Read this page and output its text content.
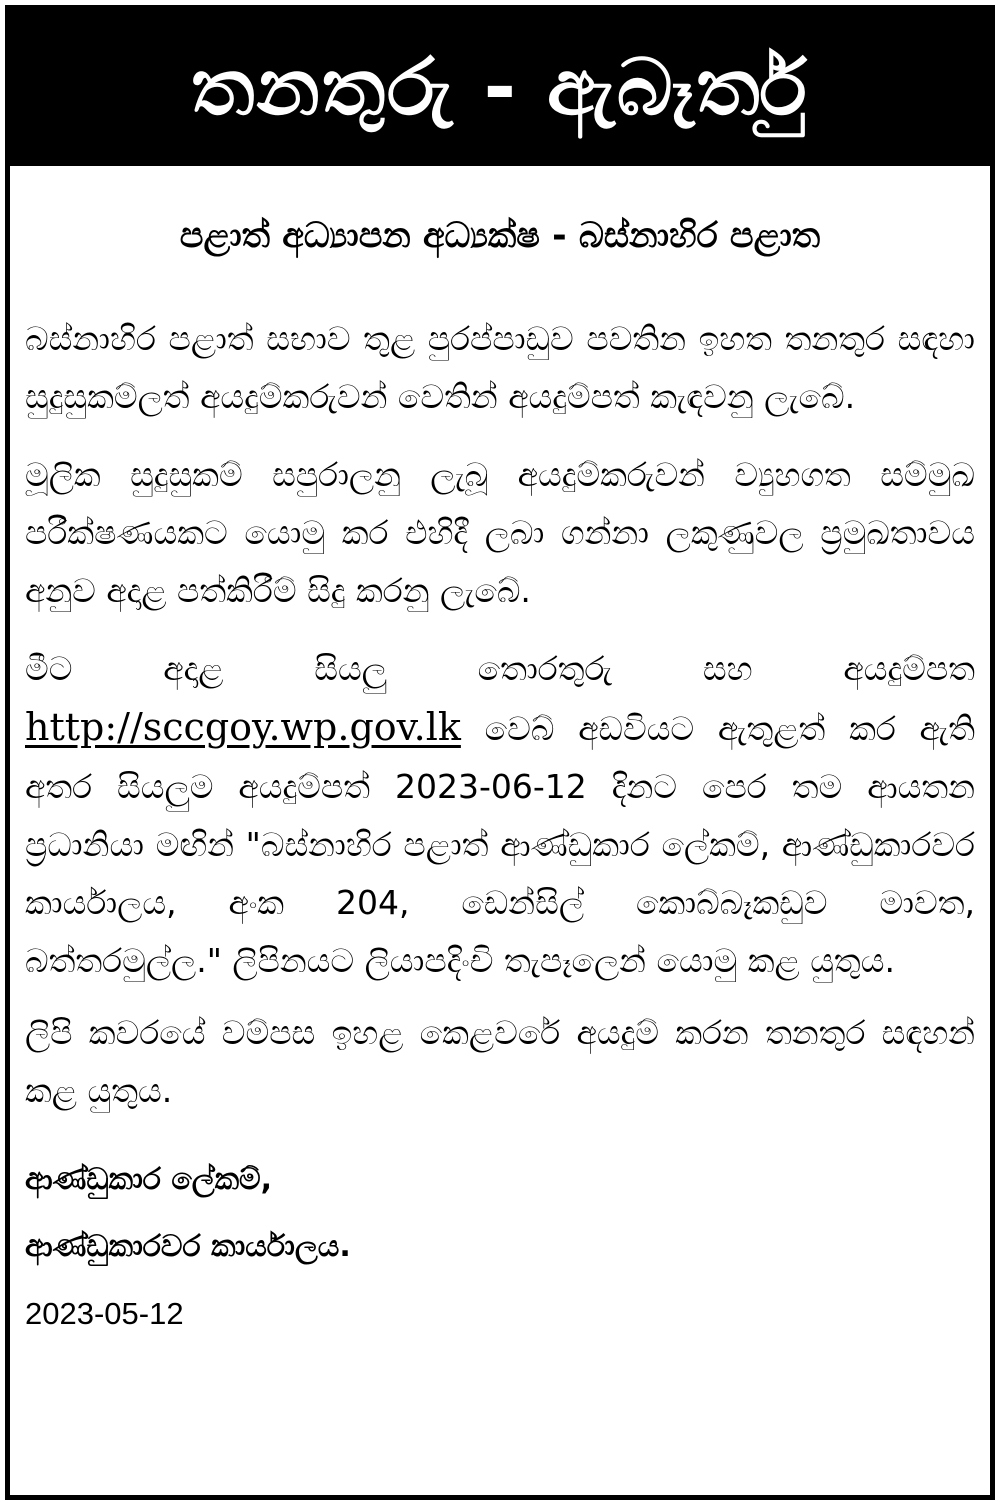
තනතුරු - ඇබෑර්තු
පළාත් අධ්‍යාපන අධ්‍යක්ෂ - බස්නාහිර පළාත

බස්නාහිර පළාත් සභාව තුළ පුරප්පාඩුව පවතින ඉහත තනතුර සඳහා සුදුසුකම්ලත් අයදුම්කරුවන් වෙතින් අයදුම්පත් කැඳවනු ලැබේ.

මූලික සුදුසුකම් සපුරාලනු ලැබූ අයදුම්කරුවන් ව්‍යුහගත සම්මුඛ පරීක්ෂණයකට යොමු කර එහිදී ලබා ගන්නා ලකුණුවල ප්‍රමුඛතාවය අනුව අදාළ පත්කිරීම් සිදු කරනු ලැබේ.

මීට අදාළ සියලු තොරතුරු සහ අයදුම්පත http://sccgoy.wp.gov.lk වෙබ් අඩවියට ඇතුළත් කර ඇති අතර සියලුම අයදුම්පත් 2023-06-12 දිනට පෙර තම ආයතන ප්‍රධානියා මඟින් "බස්නාහිර පළාත් ආණ්ඩුකාර ලේකම්, ආණ්ඩුකාරවර කාර්යාලය, අංක 204, ඩෙන්සිල් කොබ්බෑකඩුව මාවත, බත්තරමුල්ල." ලිපිනයට ලියාපදිංචි තැපෑලෙන් යොමු කළ යුතුය.

ලිපි කවරයේ වම්පස ඉහළ කෙළවරේ අයදුම් කරන තනතුර සඳහන් කළ යුතුය.

ආණ්ඩුකාර ලේකම්,

ආණ්ඩුකාරවර කාර්යාලය.

2023-05-12
